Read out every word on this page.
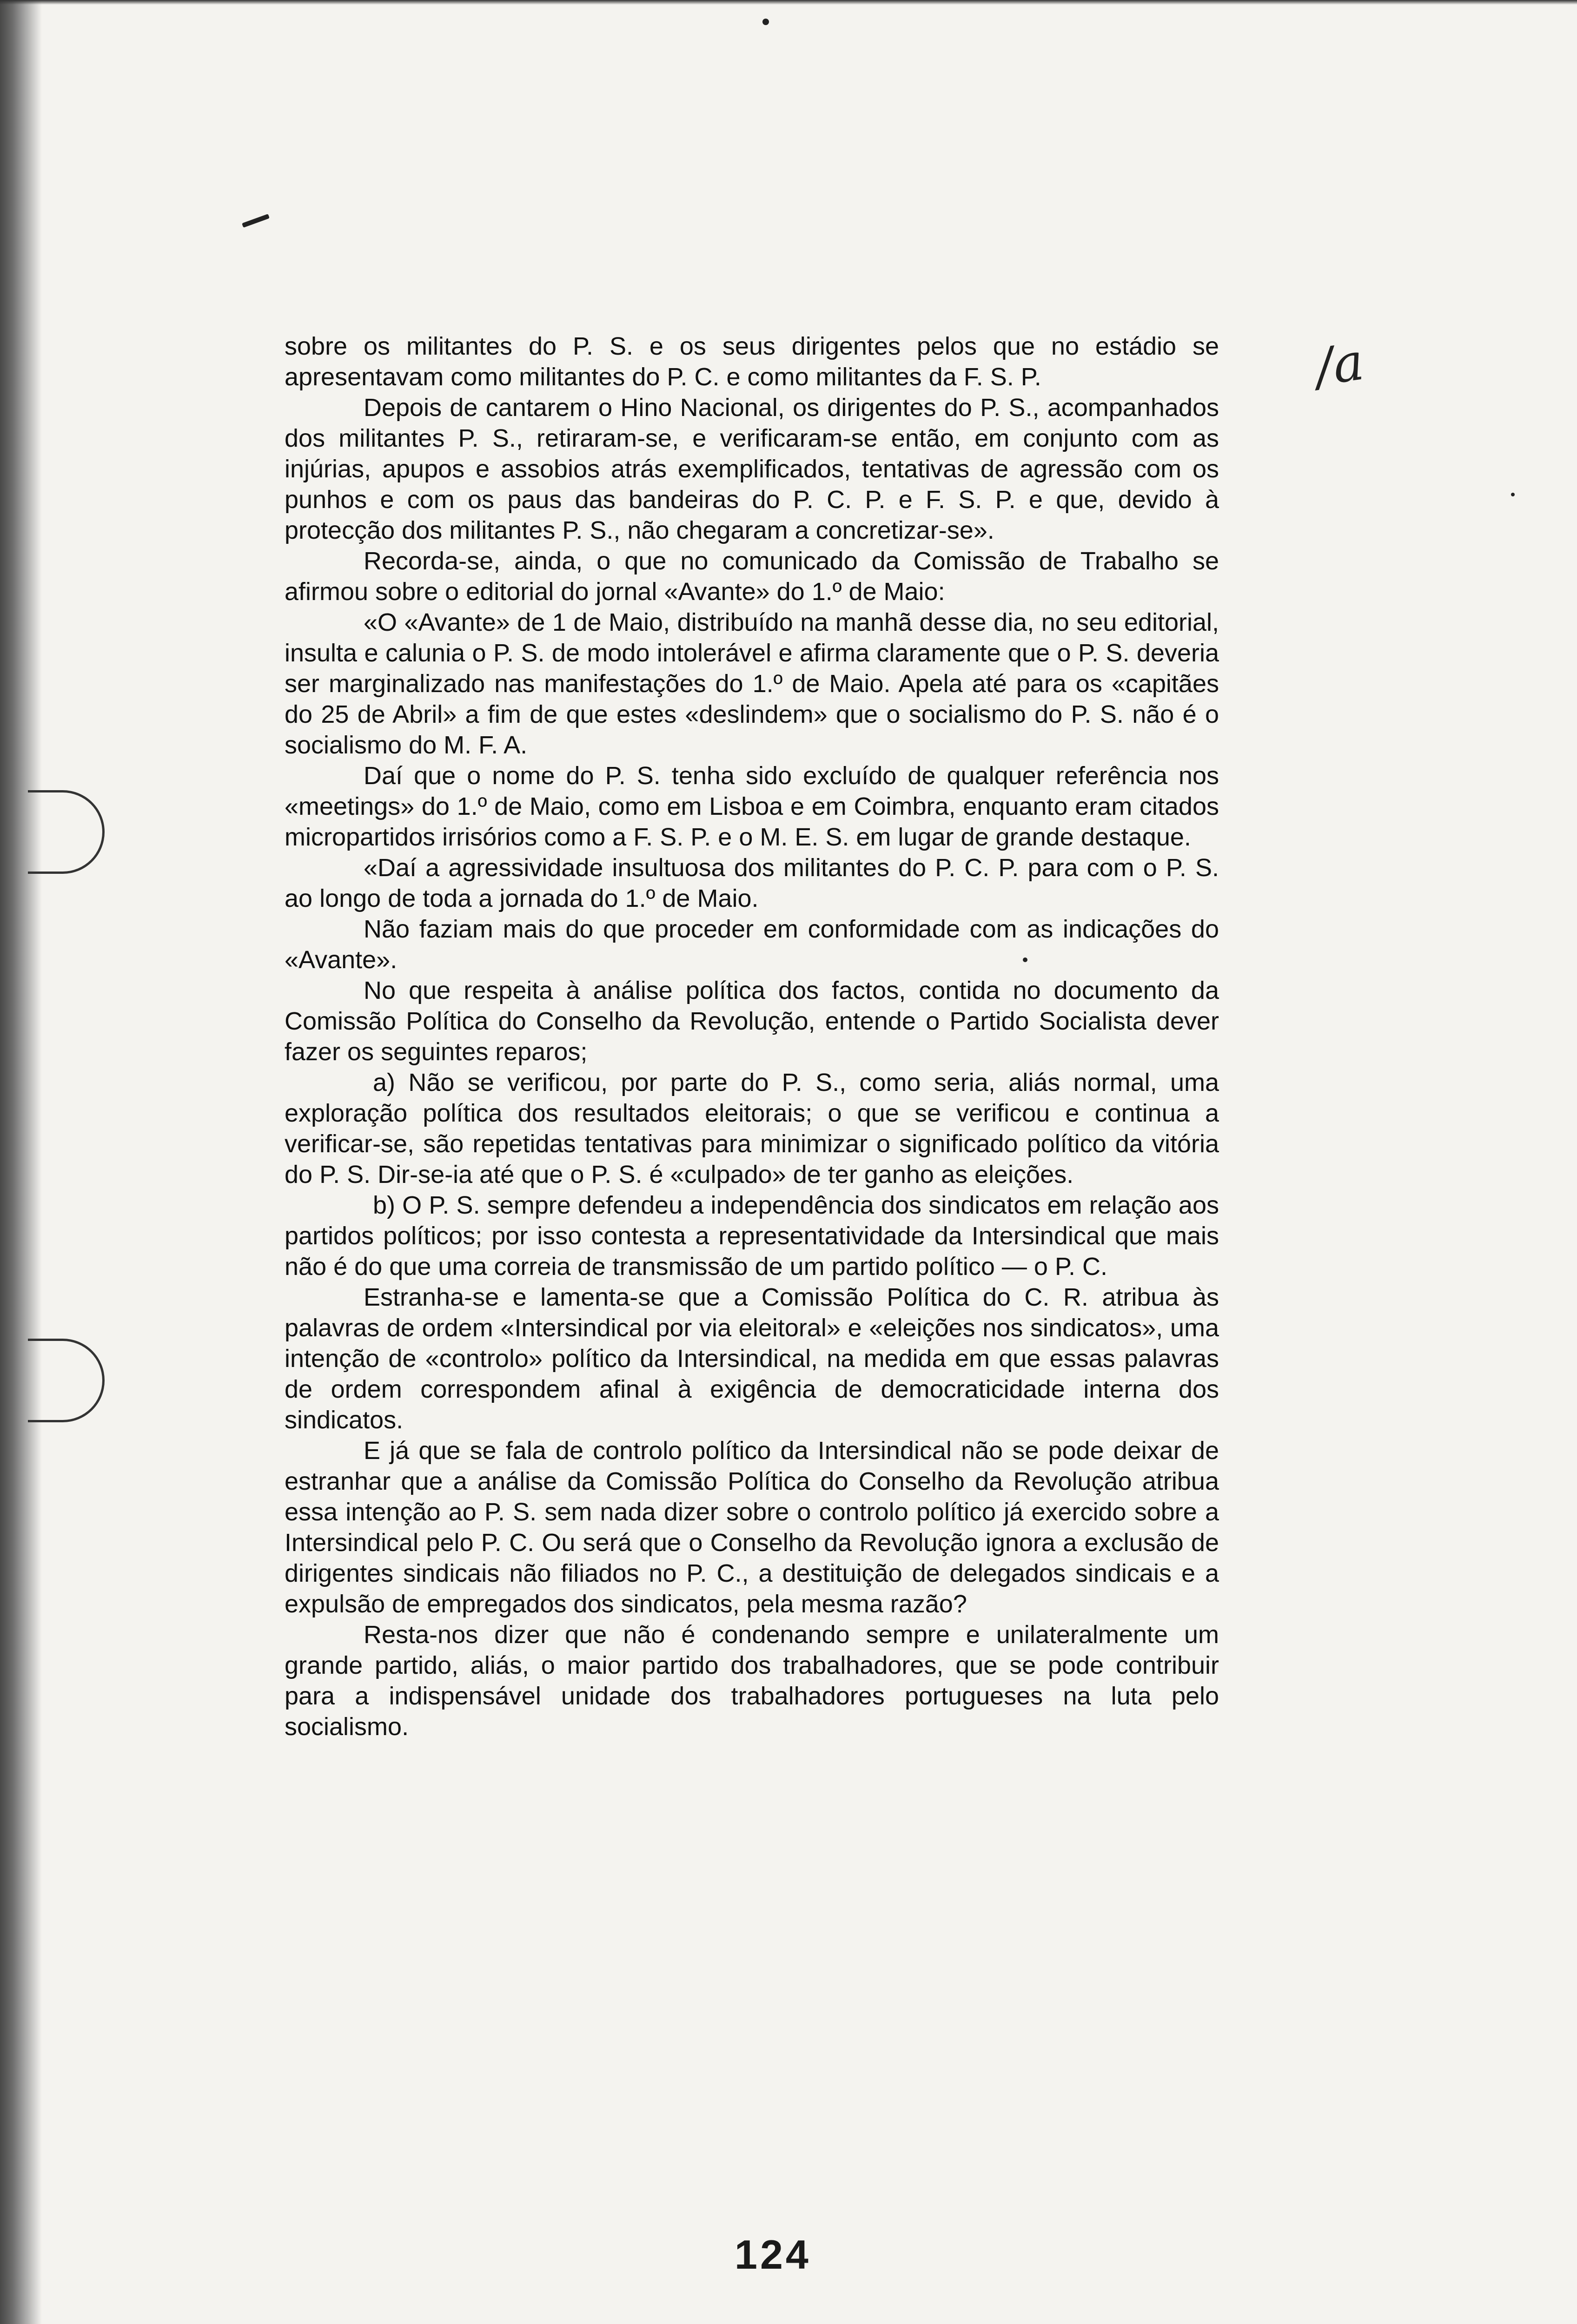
/a

sobre os militantes do P. S. e os seus dirigentes pelos que no estádio se apresentavam como militantes do P. C. e como militantes da F. S. P.

Depois de cantarem o Hino Nacional, os dirigentes do P. S., acompanhados dos militantes P. S., retiraram-se, e verificaram-se então, em conjunto com as injúrias, apupos e assobios atrás exemplificados, tentativas de agressão com os punhos e com os paus das bandeiras do P. C. P. e F. S. P. e que, devido à protecção dos militantes P. S., não chegaram a concretizar-se».

Recorda-se, ainda, o que no comunicado da Comissão de Trabalho se afirmou sobre o editorial do jornal «Avante» do 1.º de Maio:

«O «Avante» de 1 de Maio, distribuído na manhã desse dia, no seu editorial, insulta e calunia o P. S. de modo intolerável e afirma claramente que o P. S. deveria ser marginalizado nas manifestações do 1.º de Maio. Apela até para os «capitães do 25 de Abril» a fim de que estes «deslindem» que o socialismo do P. S. não é o socialismo do M. F. A.

Daí que o nome do P. S. tenha sido excluído de qualquer referência nos «meetings» do 1.º de Maio, como em Lisboa e em Coimbra, enquanto eram citados micropartidos irrisórios como a F. S. P. e o M. E. S. em lugar de grande destaque.

«Daí a agressividade insultuosa dos militantes do P. C. P. para com o P. S. ao longo de toda a jornada do 1.º de Maio.

Não faziam mais do que proceder em conformidade com as indicações do «Avante».

No que respeita à análise política dos factos, contida no documento da Comissão Política do Conselho da Revolução, entende o Partido Socialista dever fazer os seguintes reparos;

a) Não se verificou, por parte do P. S., como seria, aliás normal, uma exploração política dos resultados eleitorais; o que se verificou e continua a verificar-se, são repetidas tentativas para minimizar o significado político da vitória do P. S. Dir-se-ia até que o P. S. é «culpado» de ter ganho as eleições.

b) O P. S. sempre defendeu a independência dos sindicatos em relação aos partidos políticos; por isso contesta a representatividade da Intersindical que mais não é do que uma correia de transmissão de um partido político — o P. C.

Estranha-se e lamenta-se que a Comissão Política do C. R. atribua às palavras de ordem «Intersindical por via eleitoral» e «eleições nos sindicatos», uma intenção de «controlo» político da Intersindical, na medida em que essas palavras de ordem correspondem afinal à exigência de democraticidade interna dos sindicatos.

E já que se fala de controlo político da Intersindical não se pode deixar de estranhar que a análise da Comissão Política do Conselho da Revolução atribua essa intenção ao P. S. sem nada dizer sobre o controlo político já exercido sobre a Intersindical pelo P. C. Ou será que o Conselho da Revolução ignora a exclusão de dirigentes sindicais não filiados no P. C., a destituição de delegados sindicais e a expulsão de empregados dos sindicatos, pela mesma razão?

Resta-nos dizer que não é condenando sempre e unilateralmente um grande partido, aliás, o maior partido dos trabalhadores, que se pode contribuir para a indispensável unidade dos trabalhadores portugueses na luta pelo socialismo.

124
